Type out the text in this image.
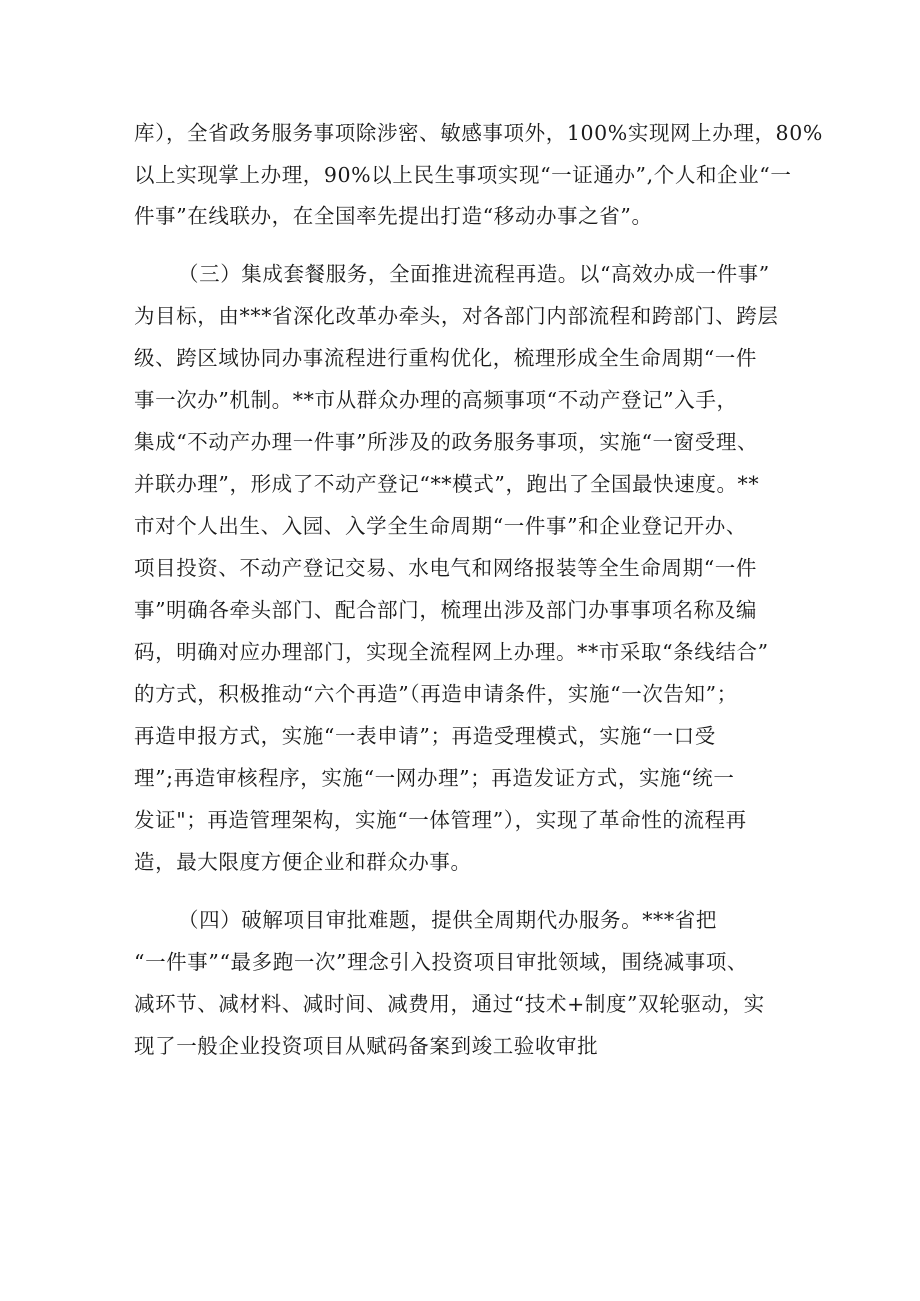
库），全省政务服务事项除涉密、敏感事项外，100%实现网上办理，80%
以上实现掌上办理，90%以上民生事项实现“一证通办”,个人和企业“一
件事”在线联办，在全国率先提出打造“移动办事之省”。
（三）集成套餐服务，全面推进流程再造。以“高效办成一件事”
为目标，由***省深化改革办牵头，对各部门内部流程和跨部门、跨层
级、跨区域协同办事流程进行重构优化，梳理形成全生命周期“一件
事一次办”机制。**市从群众办理的高频事项“不动产登记”入手，
集成“不动产办理一件事”所涉及的政务服务事项，实施“一窗受理、
并联办理”，形成了不动产登记“**模式”，跑出了全国最快速度。**
市对个人出生、入园、入学全生命周期“一件事”和企业登记开办、
项目投资、不动产登记交易、水电气和网络报装等全生命周期“一件
事”明确各牵头部门、配合部门，梳理出涉及部门办事事项名称及编
码，明确对应办理部门，实现全流程网上办理。**市采取“条线结合”
的方式，积极推动“六个再造”（再造申请条件，实施“一次告知”；
再造申报方式，实施“一表申请”；再造受理模式，实施“一口受
理”;再造审核程序，实施“一网办理”；再造发证方式，实施“统一
发证"；再造管理架构，实施“一体管理”），实现了革命性的流程再
造，最大限度方便企业和群众办事。
（四）破解项目审批难题，提供全周期代办服务。***省把
“一件事”“最多跑一次”理念引入投资项目审批领域，围绕减事项、
减环节、减材料、减时间、减费用，通过“技术+制度”双轮驱动，实
现了一般企业投资项目从赋码备案到竣工验收审批
